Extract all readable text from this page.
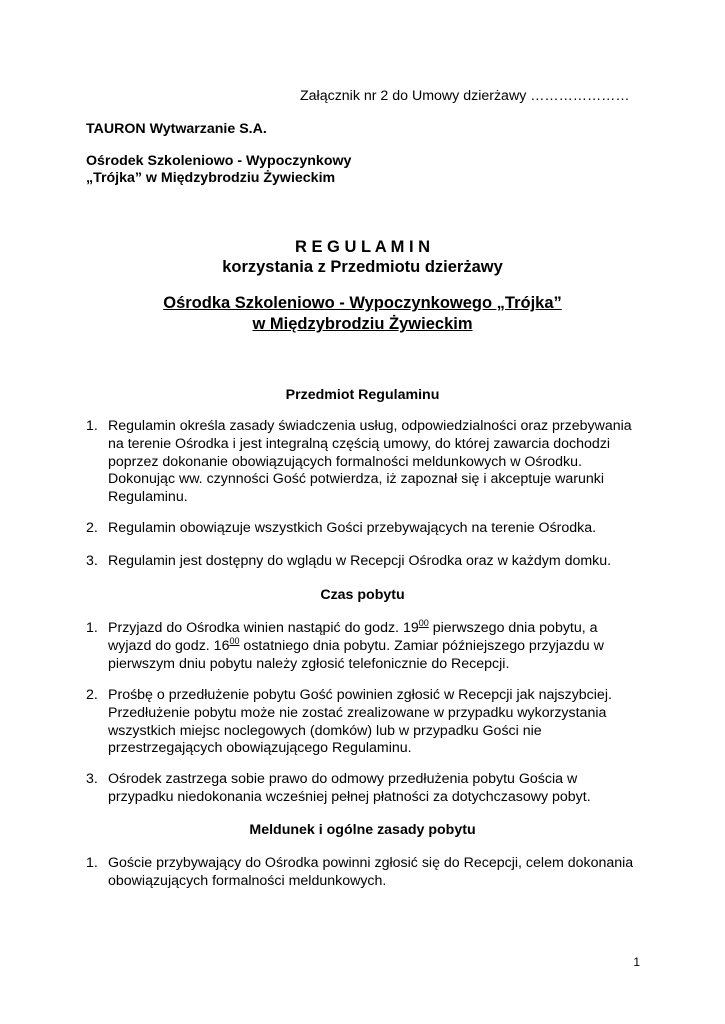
Załącznik nr 2 do Umowy dzierżawy …………………
TAURON Wytwarzanie S.A.
Ośrodek Szkoleniowo - Wypoczynkowy
„Trójka” w Międzybrodziu Żywieckim
R E G U L A M I N
korzystania z Przedmiotu dzierżawy
Ośrodka Szkoleniowo - Wypoczynkowego „Trójka”
w Międzybrodziu Żywieckim
Przedmiot Regulaminu
1. Regulamin określa zasady świadczenia usług, odpowiedzialności oraz przebywania na terenie Ośrodka i jest integralną częścią umowy, do której zawarcia dochodzi poprzez dokonanie obowiązujących formalności meldunkowych w Ośrodku. Dokonując ww. czynności Gość potwierdza, iż zapoznał się i akceptuje warunki Regulaminu.
2. Regulamin obowiązuje wszystkich Gości przebywających na terenie Ośrodka.
3. Regulamin jest dostępny do wglądu w Recepcji Ośrodka oraz w każdym domku.
Czas pobytu
1. Przyjazd do Ośrodka winien nastąpić do godz. $19^{00}$ pierwszego dnia pobytu, a wyjazd do godz. $16^{00}$ ostatniego dnia pobytu. Zamiar późniejszego przyjazdu w pierwszym dniu pobytu należy zgłosić telefonicznie do Recepcji.
2. Prośbę o przedłużenie pobytu Gość powinien zgłosić w Recepcji jak najszybciej. Przedłużenie pobytu może nie zostać zrealizowane w przypadku wykorzystania wszystkich miejsc noclegowych (domków) lub w przypadku Gości nie przestrzegających obowiązującego Regulaminu.
3. Ośrodek zastrzega sobie prawo do odmowy przedłużenia pobytu Gościa w przypadku niedokonania wcześniej pełnej płatności za dotychczasowy pobyt.
Meldunek i ogólne zasady pobytu
1. Goście przybywający do Ośrodka powinni zgłosić się do Recepcji, celem dokonania obowiązujących formalności meldunkowych.
1
